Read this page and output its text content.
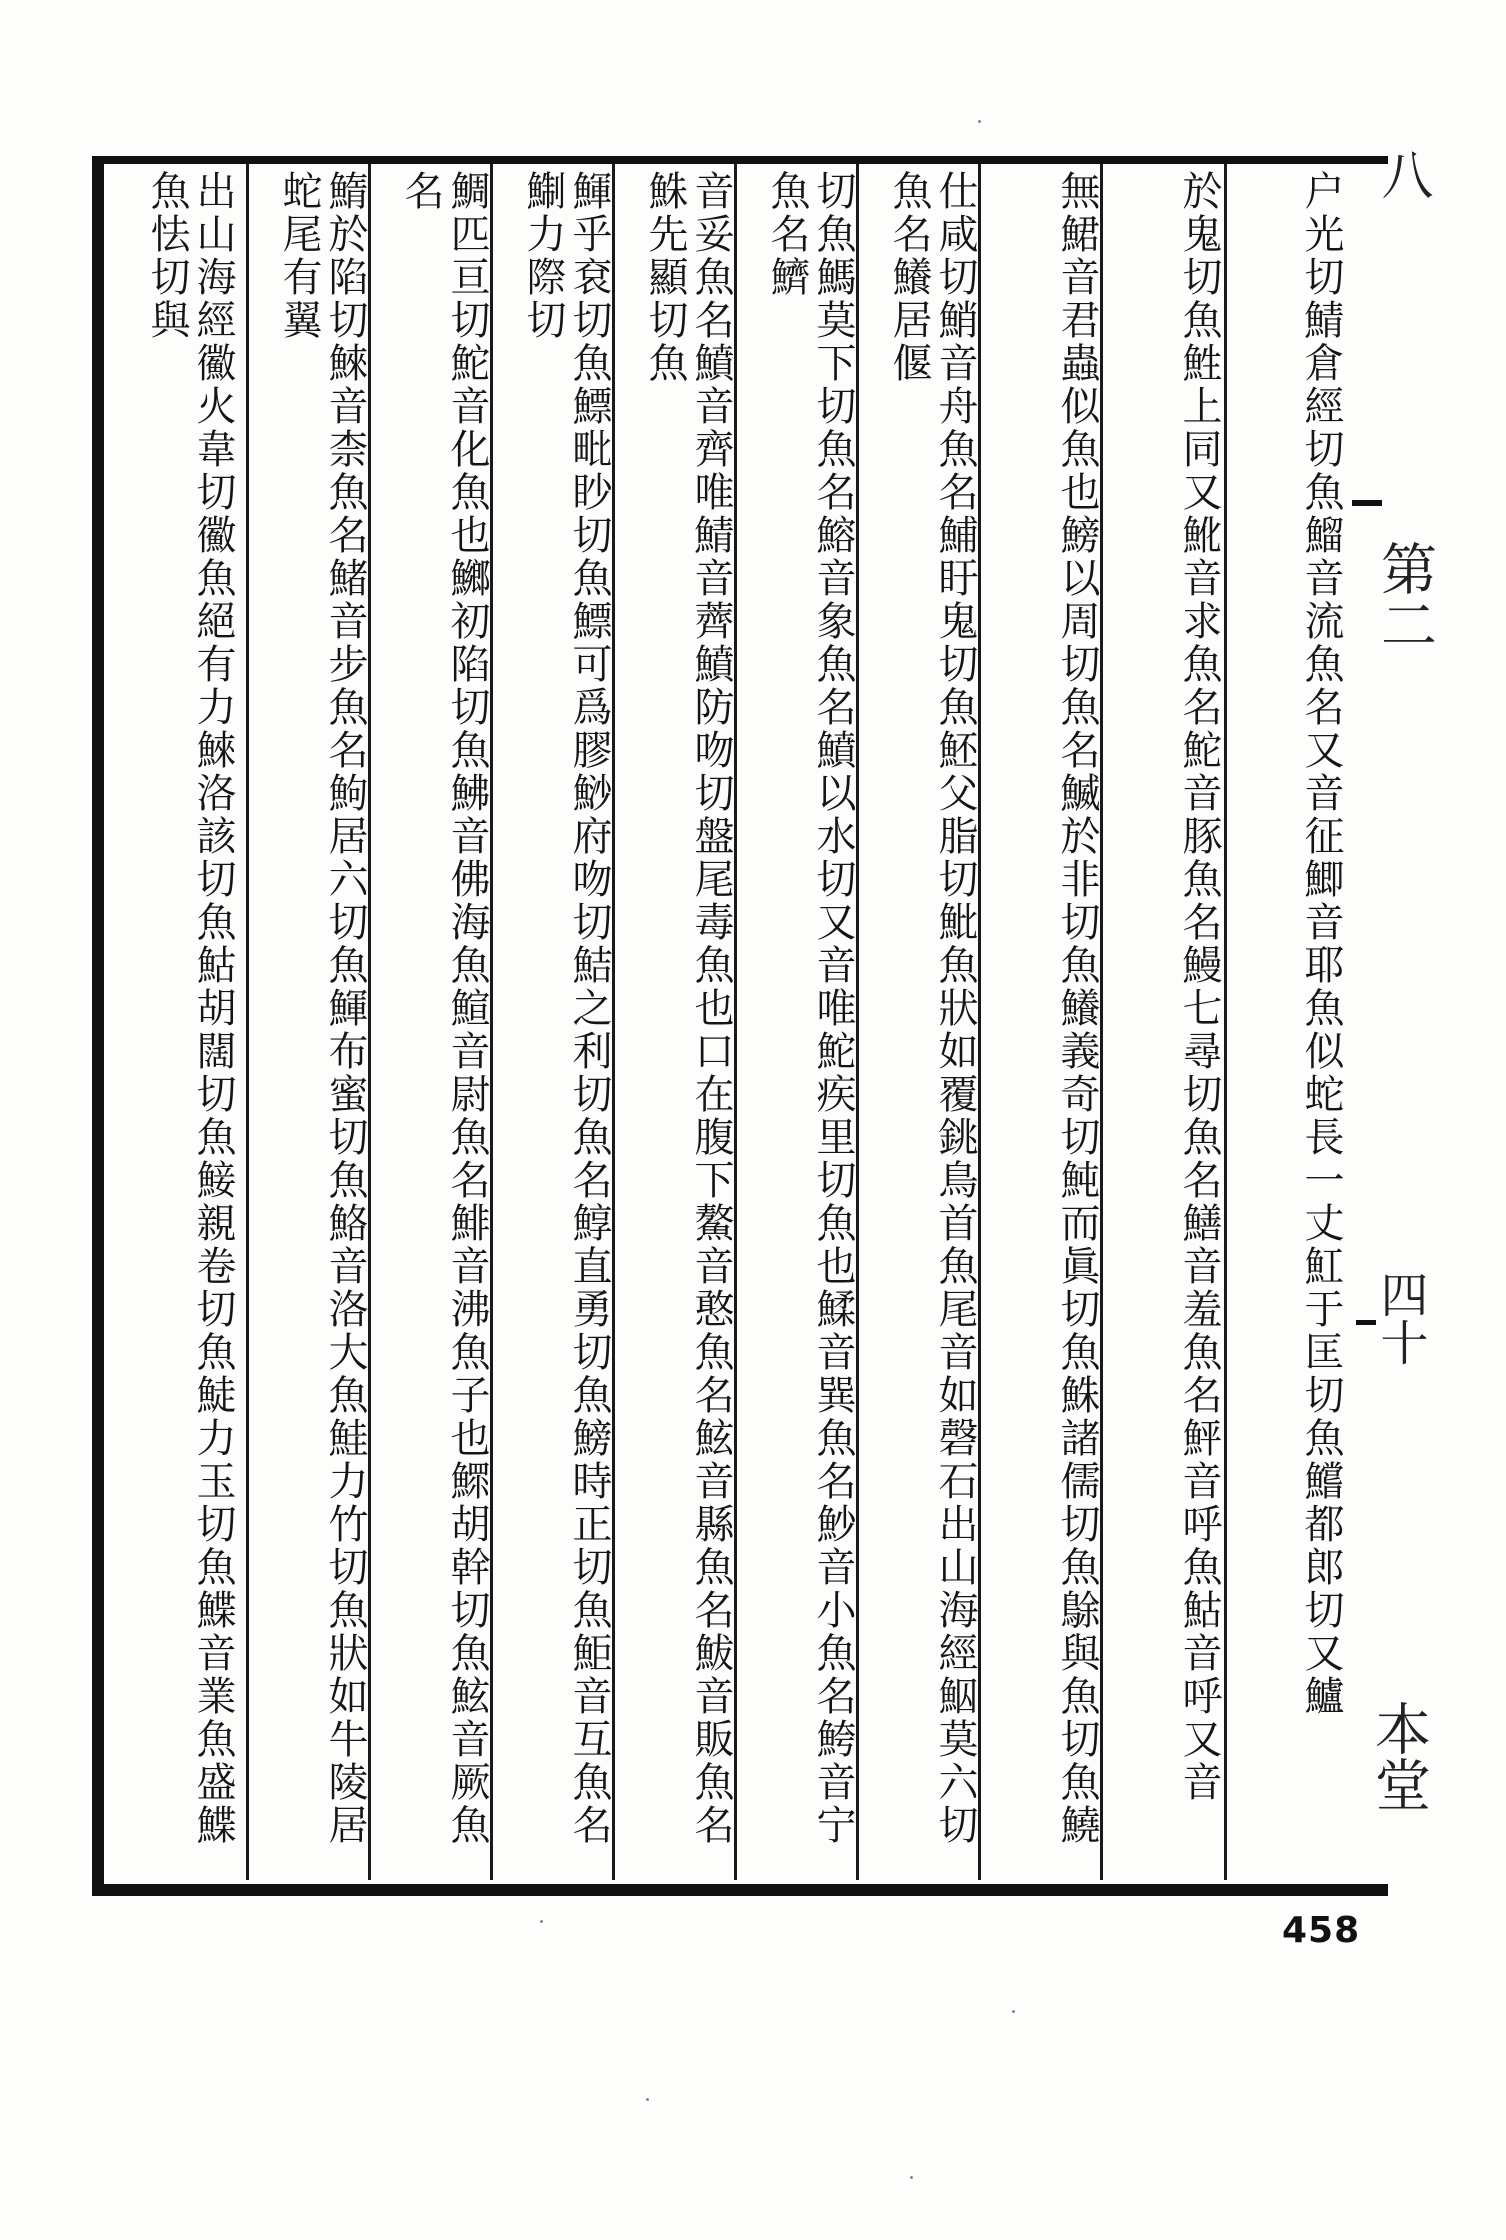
户光切鯖倉經切魚鰡音流魚名又音征鯽音耶魚似蛇長一丈魟于匡切魚鱨都郎切又鱸
於鬼切魚鮏上同又魤音求魚名鮀音豚魚名鰻七尋切魚名鱔音羞魚名鮃音呼魚鮕音呼又音
無鮶音君蟲似魚也鰟以周切魚名鰄於非切魚鱶義奇切魨而眞切魚鮢諸儒切魚鵌與魚切魚鱙
仕咸切鮹音舟魚名鯆盱鬼切魚魾父脂切魮魚狀如覆銚鳥首魚尾音如磬石出山海經鮂莫六切魚名鱶居偃
切魚鰢莫下切魚名鰫音象魚名鱝以水切又音唯鮀疾里切魚也鰇音巽魚名魦音小魚名鮬音宁魚名鱭
音妥魚名鱝音齊唯鯖音薺鱝防吻切盤尾毒魚也口在腹下鰲音憨魚名鮌音縣魚名鮁音販魚名鮢先顯切魚
鯶乎袞切魚鰾毗眇切魚鰾可爲膠鯋府吻切鮚之利切魚名鯙直勇切魚鰟時正切魚鮔音互魚名鯯力際切
鯛匹亘切鮀音化魚也鱜初陷切魚鮄音佛海魚鰚音尉魚名鯡音沸魚子也鰥胡幹切魚鮌音厥魚名
鰖於陷切鯠音柰魚名鯺音步魚名鮈居六切魚鯶布蜜切魚鮥音洛大魚鮭力竹切魚狀如牛陵居蛇尾有翼
出山海經鰴火韋切鰴魚絕有力鯠洛該切魚鮕胡闊切魚鯜親卷切魚鯐力玉切魚鰈音業魚盛鰈魚怯切與	八
第二
四十
本堂
458
